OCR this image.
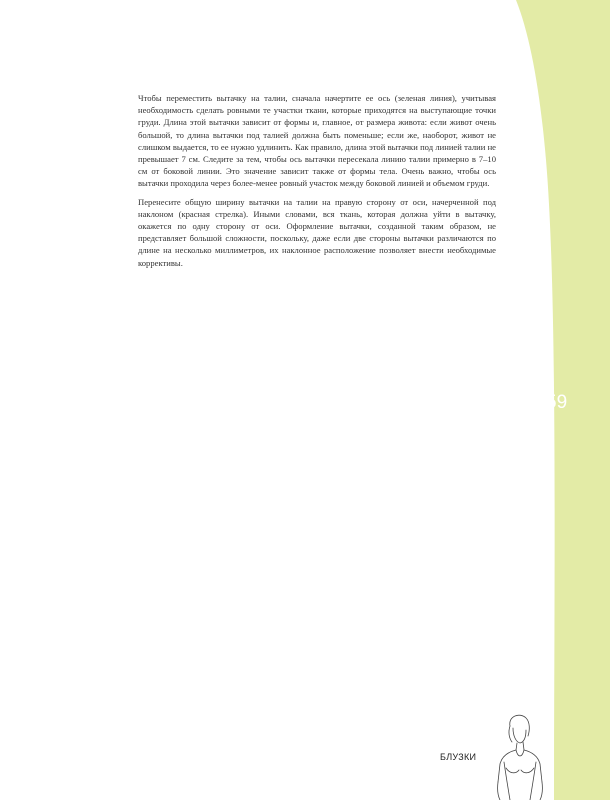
Чтобы переместить вытачку на талии, сначала начертите ее ось (зеленая линия), учитывая необходимость сделать ровными те участки ткани, которые приходятся на выступающие точки груди. Длина этой вытачки зависит от формы и, главное, от размера живота: если живот очень большой, то длина вытачки под талией должна быть поменьше; если же, наоборот, живот не слишком выдается, то ее нужно удлинить. Как правило, длина этой вытачки под линией талии не превышает 7 см. Следите за тем, чтобы ось вытачки пересекала линию талии примерно в 7–10 см от боковой линии. Это значение зависит также от формы тела. Очень важно, чтобы ось вытачки проходила через более-менее ровный участок между боковой линией и объемом груди.

Перенесите общую ширину вытачки на талии на правую сторону от оси, начерченной под наклоном (красная стрелка). Иными словами, вся ткань, которая должна уйти в вытачку, окажется по одну сторону от оси. Оформление вытачки, созданной таким образом, не представляет большой сложности, поскольку, даже если две стороны вытачки различаются по длине на несколько миллиметров, их наклонное расположение позволяет внести необходимые коррективы.

59
БЛУЗКИ
